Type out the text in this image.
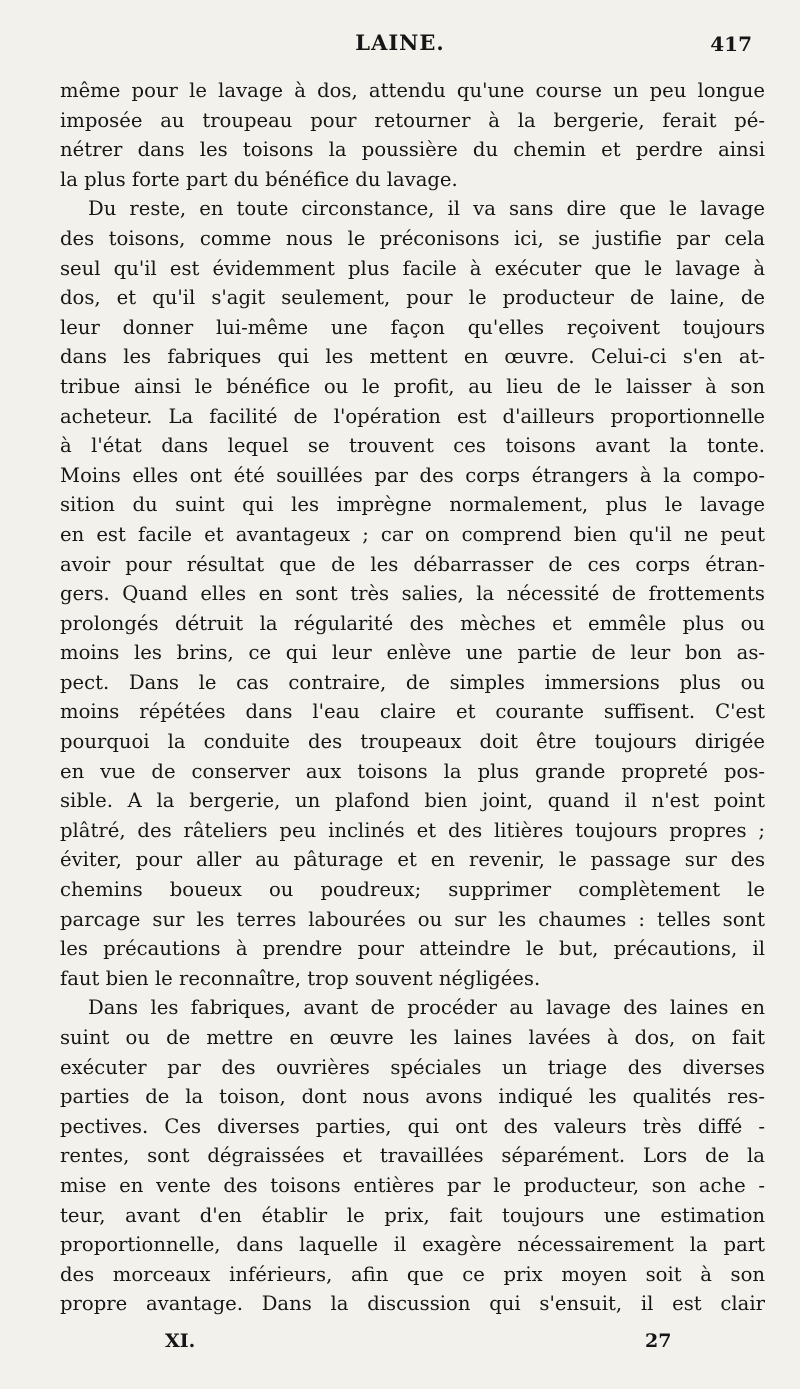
LAINE.	417
même pour le lavage à dos, attendu qu'une course un peu longue
imposée au troupeau pour retourner à la bergerie, ferait pé-
nétrer dans les toisons la poussière du chemin et perdre ainsi
la plus forte part du bénéfice du lavage.
Du reste, en toute circonstance, il va sans dire que le lavage
des toisons, comme nous le préconisons ici, se justifie par cela
seul qu'il est évidemment plus facile à exécuter que le lavage à
dos, et qu'il s'agit seulement, pour le producteur de laine, de
leur donner lui-même une façon qu'elles reçoivent toujours
dans les fabriques qui les mettent en œuvre. Celui-ci s'en at-
tribue ainsi le bénéfice ou le profit, au lieu de le laisser à son
acheteur. La facilité de l'opération est d'ailleurs proportionnelle
à l'état dans lequel se trouvent ces toisons avant la tonte.
Moins elles ont été souillées par des corps étrangers à la compo-
sition du suint qui les imprègne normalement, plus le lavage
en est facile et avantageux ; car on comprend bien qu'il ne peut
avoir pour résultat que de les débarrasser de ces corps étran-
gers. Quand elles en sont très salies, la nécessité de frottements
prolongés détruit la régularité des mèches et emmêle plus ou
moins les brins, ce qui leur enlève une partie de leur bon as-
pect. Dans le cas contraire, de simples immersions plus ou
moins répétées dans l'eau claire et courante suffisent. C'est
pourquoi la conduite des troupeaux doit être toujours dirigée
en vue de conserver aux toisons la plus grande propreté pos-
sible. A la bergerie, un plafond bien joint, quand il n'est point
plâtré, des râteliers peu inclinés et des litières toujours propres ;
éviter, pour aller au pâturage et en revenir, le passage sur des
chemins boueux ou poudreux; supprimer complètement le
parcage sur les terres labourées ou sur les chaumes : telles sont
les précautions à prendre pour atteindre le but, précautions, il
faut bien le reconnaître, trop souvent négligées.
Dans les fabriques, avant de procéder au lavage des laines en
suint ou de mettre en œuvre les laines lavées à dos, on fait
exécuter par des ouvrières spéciales un triage des diverses
parties de la toison, dont nous avons indiqué les qualités res-
pectives. Ces diverses parties, qui ont des valeurs très diffé -
rentes, sont dégraissées et travaillées séparément. Lors de la
mise en vente des toisons entières par le producteur, son ache -
teur, avant d'en établir le prix, fait toujours une estimation
proportionnelle, dans laquelle il exagère nécessairement la part
des morceaux inférieurs, afin que ce prix moyen soit à son
propre avantage. Dans la discussion qui s'ensuit, il est clair
XI.	27
